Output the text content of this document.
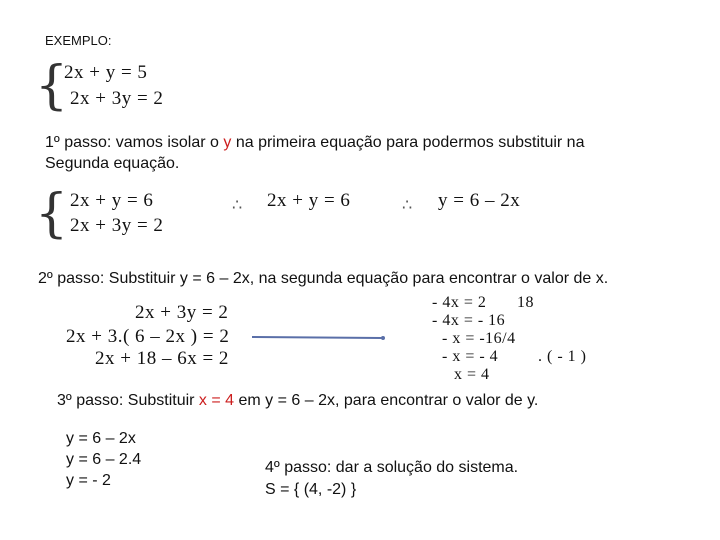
EXEMPLO:
{
2x + y = 5
2x + 3y = 2
1º passo: vamos isolar o y na primeira equação para podermos substituir na
Segunda equação.
{ 2x + y = 6
2x + 3y = 2
∴ 2x + y = 6	∴ y = 6 – 2x
2º passo: Substituir y = 6 – 2x, na segunda equação para encontrar o valor de x.
2x + 3y = 2
2x + 3.( 6 – 2x ) = 2
2x + 18 – 6x = 2
- 4x = 2 18
- 4x = - 16
- x = -16/4
- x = - 4 . ( - 1 )
x = 4
3º passo: Substituir x = 4 em y = 6 – 2x, para encontrar o valor de y.
y = 6 – 2x
y = 6 – 2.4
y = - 2
4º passo: dar a solução do sistema.
S = { (4, -2) }
